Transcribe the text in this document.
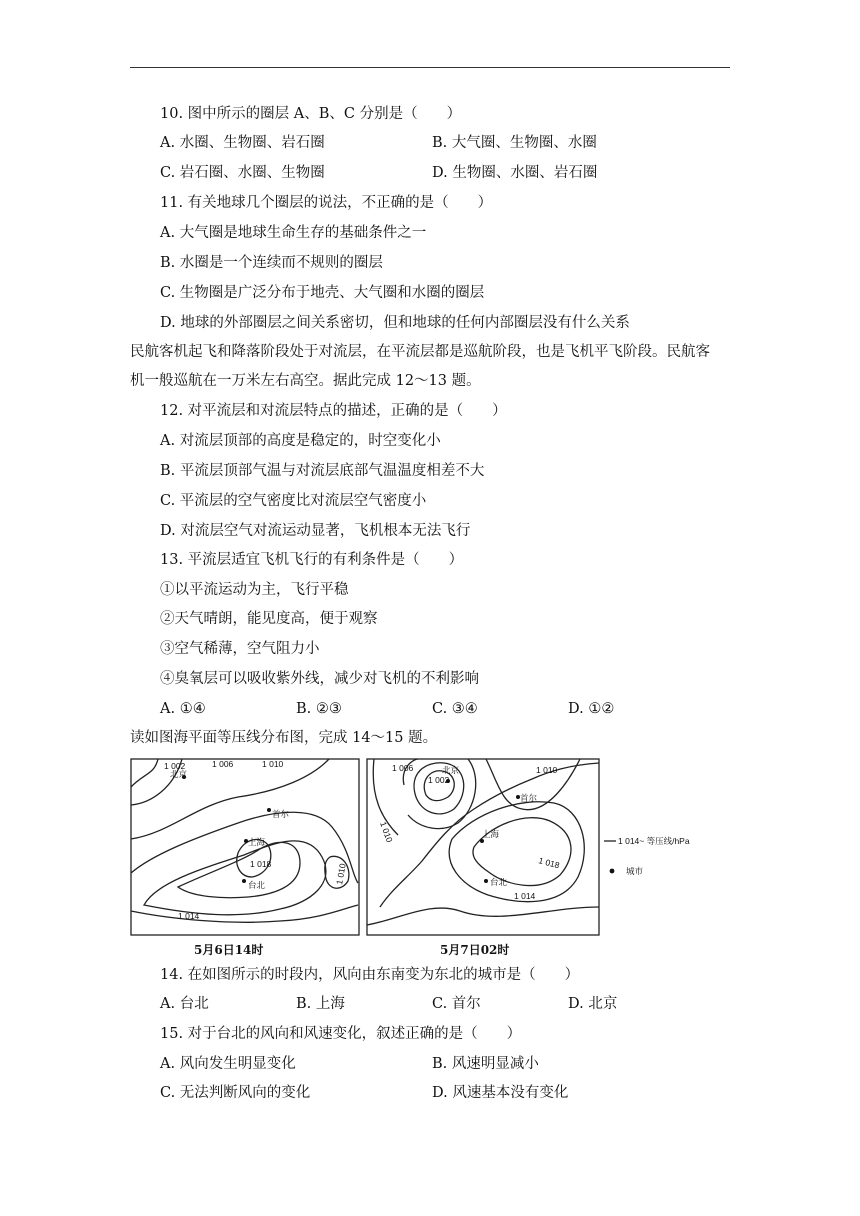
10. 图中所示的圈层 A、B、C 分别是（　　）
A. 水圈、生物圈、岩石圈	B. 大气圈、生物圈、水圈
C. 岩石圈、水圈、生物圈	D. 生物圈、水圈、岩石圈
11. 有关地球几个圈层的说法，不正确的是（　　）
A. 大气圈是地球生命生存的基础条件之一
B. 水圈是一个连续而不规则的圈层
C. 生物圈是广泛分布于地壳、大气圈和水圈的圈层
D. 地球的外部圈层之间关系密切，但和地球的任何内部圈层没有什么关系
民航客机起飞和降落阶段处于对流层，在平流层都是巡航阶段，也是飞机平飞阶段。民航客
机一般巡航在一万米左右高空。据此完成 12～13 题。
12. 对平流层和对流层特点的描述，正确的是（　　）
A. 对流层顶部的高度是稳定的，时空变化小
B. 平流层顶部气温与对流层底部气温温度相差不大
C. 平流层的空气密度比对流层空气密度小
D. 对流层空气对流运动显著，飞机根本无法飞行
13. 平流层适宜飞机飞行的有利条件是（　　）
①以平流运动为主，飞行平稳
②天气晴朗，能见度高，便于观察
③空气稀薄，空气阻力小
④臭氧层可以吸收紫外线，减少对飞机的不利影响
A. ①④	B. ②③	C. ③④	D. ①②
读如图海平面等压线分布图，完成 14～15 题。
1 002	1 006	1 010
北京
首尔
上海
1 018
台北	1 010
1 014
5月6日14时
1 006
1 002
北京	1 010
1 010
首尔
上海
1 018
台北
1 014
5月7日02时
1 014~ 等压线/hPa
城市
14. 在如图所示的时段内，风向由东南变为东北的城市是（　　）
A. 台北	B. 上海	C. 首尔	D. 北京
15. 对于台北的风向和风速变化，叙述正确的是（　　）
A. 风向发生明显变化	B. 风速明显减小
C. 无法判断风向的变化	D. 风速基本没有变化
